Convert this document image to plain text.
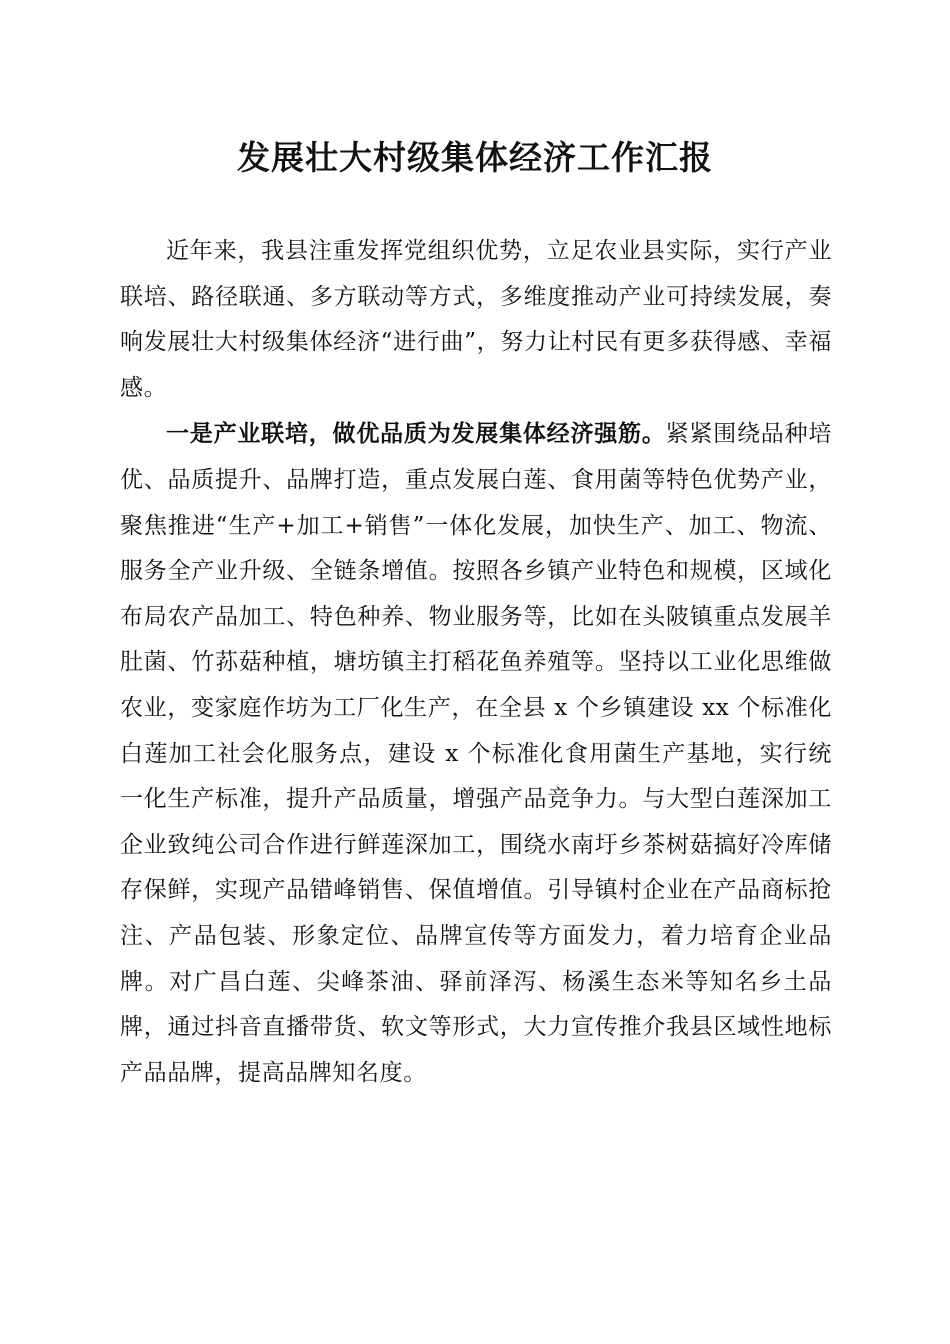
发展壮大村级集体经济工作汇报

近年来，我县注重发挥党组织优势，立足农业县实际，实行产业联培、路径联通、多方联动等方式，多维度推动产业可持续发展，奏响发展壮大村级集体经济“进行曲”，努力让村民有更多获得感、幸福感。

一是产业联培，做优品质为发展集体经济强筋。紧紧围绕品种培优、品质提升、品牌打造，重点发展白莲、食用菌等特色优势产业，聚焦推进“生产+加工+销售”一体化发展，加快生产、加工、物流、服务全产业升级、全链条增值。按照各乡镇产业特色和规模，区域化布局农产品加工、特色种养、物业服务等，比如在头陂镇重点发展羊肚菌、竹荪菇种植，塘坊镇主打稻花鱼养殖等。坚持以工业化思维做农业，变家庭作坊为工厂化生产，在全县 x 个乡镇建设 xx 个标准化白莲加工社会化服务点，建设 x 个标准化食用菌生产基地，实行统一化生产标准，提升产品质量，增强产品竞争力。与大型白莲深加工企业致纯公司合作进行鲜莲深加工，围绕水南圩乡茶树菇搞好冷库储存保鲜，实现产品错峰销售、保值增值。引导镇村企业在产品商标抢注、产品包装、形象定位、品牌宣传等方面发力，着力培育企业品牌。对广昌白莲、尖峰茶油、驿前泽泻、杨溪生态米等知名乡土品牌，通过抖音直播带货、软文等形式，大力宣传推介我县区域性地标产品品牌，提高品牌知名度。
